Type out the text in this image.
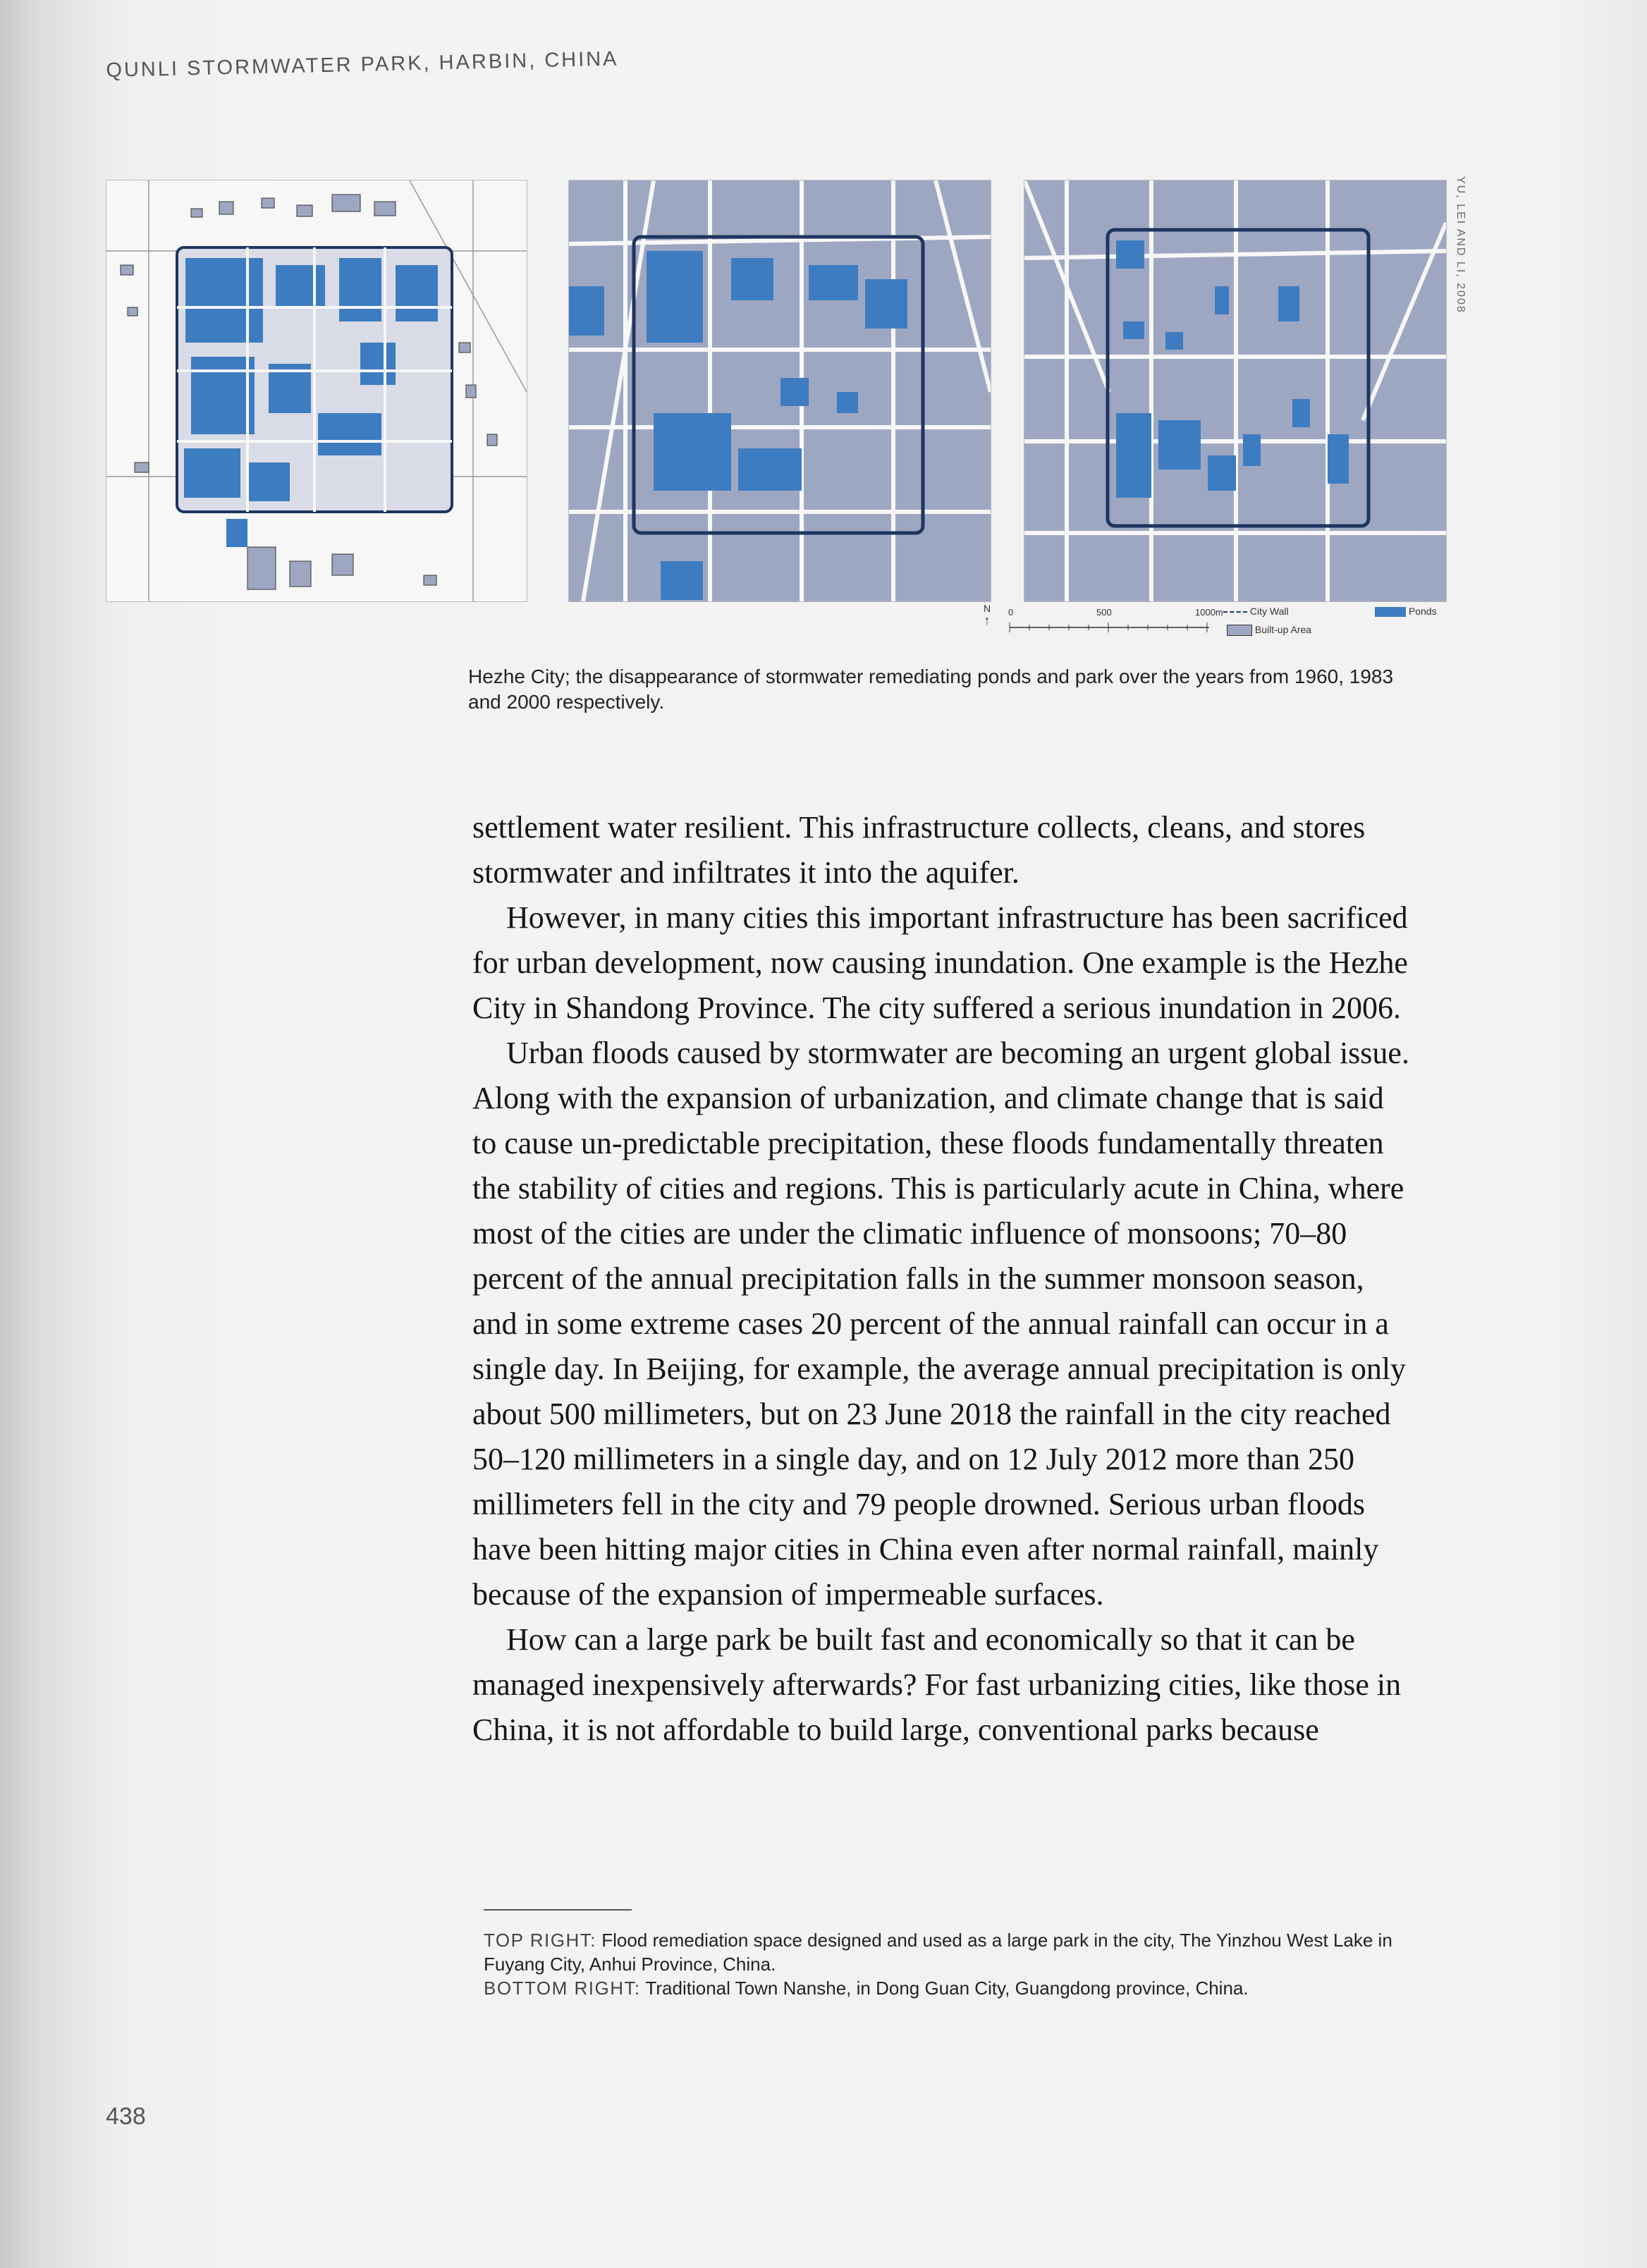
QUNLI STORMWATER PARK, HARBIN, CHINA
YU, LEI AND LI, 2008
N
↑
0	500	1000m	City Wall
Built-up Area
Ponds
Hezhe City; the disappearance of stormwater remediating ponds and park over the years from 1960, 1983 and 2000 respectively.

settlement water resilient. This infrastructure collects, cleans, and stores stormwater and infiltrates it into the aquifer.

However, in many cities this important infrastructure has been sacrificed for urban development, now causing inundation. One example is the Hezhe City in Shandong Province. The city suffered a serious inundation in 2006.

Urban floods caused by stormwater are becoming an urgent global issue. Along with the expansion of urbanization, and climate change that is said to cause un-predictable precipitation, these floods fundamentally threaten the stability of cities and regions. This is particularly acute in China, where most of the cities are under the climatic influence of monsoons; 70–80 percent of the annual precipitation falls in the summer monsoon season, and in some extreme cases 20 percent of the annual rainfall can occur in a single day. In Beijing, for example, the average annual precipitation is only about 500 millimeters, but on 23 June 2018 the rainfall in the city reached 50–120 millimeters in a single day, and on 12 July 2012 more than 250 millimeters fell in the city and 79 people drowned. Serious urban floods have been hitting major cities in China even after normal rainfall, mainly because of the expansion of impermeable surfaces.

How can a large park be built fast and economically so that it can be managed inexpensively afterwards? For fast urbanizing cities, like those in China, it is not affordable to build large, conventional parks because

TOP RIGHT: Flood remediation space designed and used as a large park in the city, The Yinzhou West Lake in Fuyang City, Anhui Province, China.
BOTTOM RIGHT: Traditional Town Nanshe, in Dong Guan City, Guangdong province, China.
438
